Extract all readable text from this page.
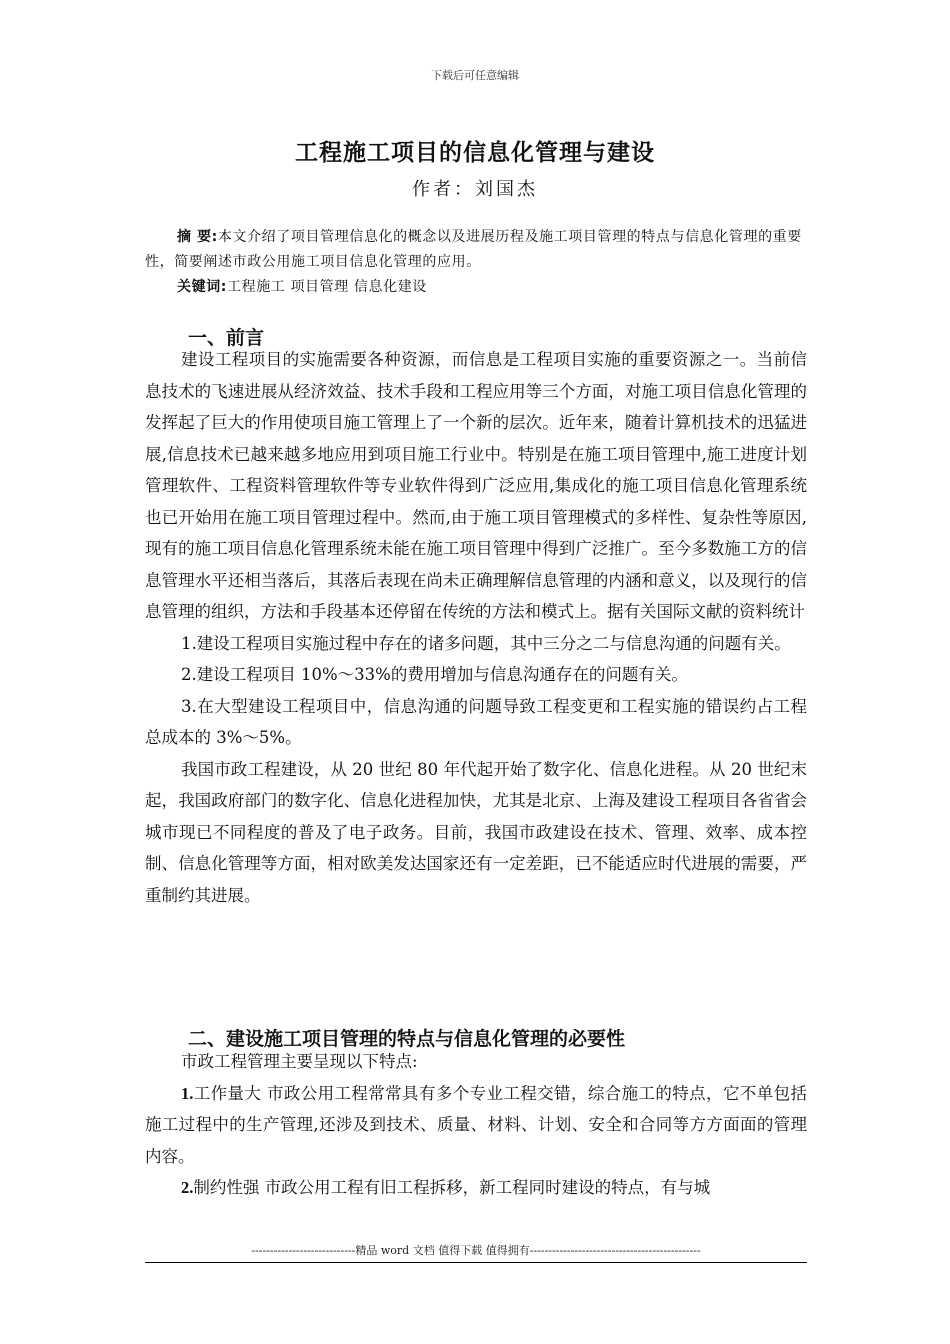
下载后可任意编辑
工程施工项目的信息化管理与建设
作者：刘国杰
摘 要:本文介绍了项目管理信息化的概念以及进展历程及施工项目管理的特点与信息化管理的重要性，简要阐述市政公用施工项目信息化管理的应用。
关键词:工程施工 项目管理 信息化建设
一、前言

建设工程项目的实施需要各种资源，而信息是工程项目实施的重要资源之一。当前信息技术的飞速进展从经济效益、技术手段和工程应用等三个方面，对施工项目信息化管理的发挥起了巨大的作用使项目施工管理上了一个新的层次。近年来，随着计算机技术的迅猛进展,信息技术已越来越多地应用到项目施工行业中。特别是在施工项目管理中,施工进度计划管理软件、工程资料管理软件等专业软件得到广泛应用,集成化的施工项目信息化管理系统也已开始用在施工项目管理过程中。然而,由于施工项目管理模式的多样性、复杂性等原因,现有的施工项目信息化管理系统未能在施工项目管理中得到广泛推广。至今多数施工方的信息管理水平还相当落后，其落后表现在尚未正确理解信息管理的内涵和意义，以及现行的信息管理的组织，方法和手段基本还停留在传统的方法和模式上。据有关国际文献的资料统计

1.建设工程项目实施过程中存在的诸多问题，其中三分之二与信息沟通的问题有关。

2.建设工程项目 10%～33%的费用增加与信息沟通存在的问题有关。

3.在大型建设工程项目中，信息沟通的问题导致工程变更和工程实施的错误约占工程总成本的 3%～5%。

我国市政工程建设，从 20 世纪 80 年代起开始了数字化、信息化进程。从 20 世纪末起，我国政府部门的数字化、信息化进程加快，尤其是北京、上海及建设工程项目各省省会城市现已不同程度的普及了电子政务。目前，我国市政建设在技术、管理、效率、成本控制、信息化管理等方面，相对欧美发达国家还有一定差距，已不能适应时代进展的需要，严重制约其进展。

二、建设施工项目管理的特点与信息化管理的必要性

市政工程管理主要呈现以下特点:

1.工作量大 市政公用工程常常具有多个专业工程交错，综合施工的特点，它不单包括施工过程中的生产管理,还涉及到技术、质量、材料、计划、安全和合同等方方面面的管理内容。

2.制约性强 市政公用工程有旧工程拆移，新工程同时建设的特点，有与城

----------------------------精品 word 文档 值得下载 值得拥有----------------------------------------------
